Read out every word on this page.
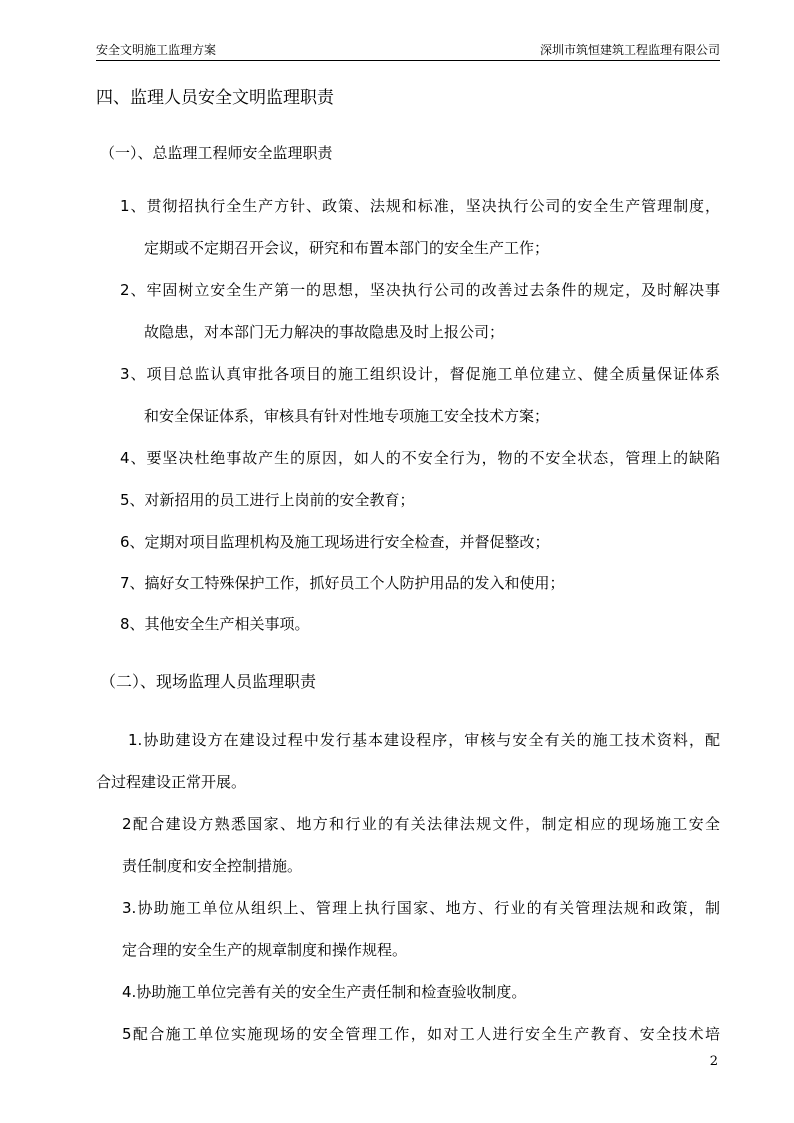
安全文明施工监理方案	深圳市筑恒建筑工程监理有限公司
四、监理人员安全文明监理职责
（一）、总监理工程师安全监理职责
1、贯彻招执行全生产方针、政策、法规和标准，坚决执行公司的安全生产管理制度，
定期或不定期召开会议，研究和布置本部门的安全生产工作；
2、牢固树立安全生产第一的思想，坚决执行公司的改善过去条件的规定，及时解决事
故隐患，对本部门无力解决的事故隐患及时上报公司；
3、项目总监认真审批各项目的施工组织设计，督促施工单位建立、健全质量保证体系
和安全保证体系，审核具有针对性地专项施工安全技术方案；
4、要坚决杜绝事故产生的原因，如人的不安全行为，物的不安全状态，管理上的缺陷
5、对新招用的员工进行上岗前的安全教育；
6、定期对项目监理机构及施工现场进行安全检查，并督促整改；
7、搞好女工特殊保护工作，抓好员工个人防护用品的发入和使用；
8、其他安全生产相关事项。
（二）、现场监理人员监理职责
1.协助建设方在建设过程中发行基本建设程序，审核与安全有关的施工技术资料，配
合过程建设正常开展。
2配合建设方熟悉国家、地方和行业的有关法律法规文件，制定相应的现场施工安全
责任制度和安全控制措施。
3.协助施工单位从组织上、管理上执行国家、地方、行业的有关管理法规和政策，制
定合理的安全生产的规章制度和操作规程。
4.协助施工单位完善有关的安全生产责任制和检查验收制度。
5配合施工单位实施现场的安全管理工作，如对工人进行安全生产教育、安全技术培
2
